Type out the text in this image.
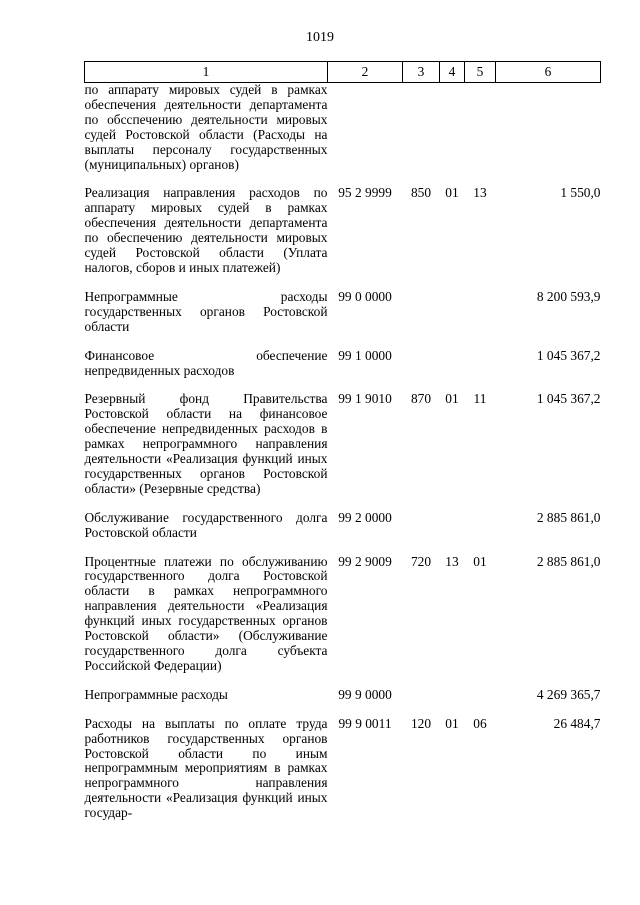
1019
1	2	3	4	5	6
по аппарату мировых судей в рамках обеспечения деятельности департамента по обсспечению деятельности мировых судей Ростовской области (Расходы на выплаты персоналу государственных (муниципальных) органов)					

Реализация направления расходов по аппарату мировых судей в рамках обеспечения деятельности департамента по обеспечению деятельности мировых судей Ростовской области (Уплата налогов, сборов и иных платежей)	95 2 9999	850	01	13	1 550,0

Непрограммные расходы государственных органов Ростовской области	99 0 0000				8 200 593,9

Финансовое обеспечение непредвиденных расходов	99 1 0000				1 045 367,2

Резервный фонд Правительства Ростовской области на финансовое обеспечение непредвиденных расходов в рамках непрограммного направления деятельности «Реализация функций иных государственных органов Ростовской области» (Резервные средства)	99 1 9010	870	01	11	1 045 367,2

Обслуживание государственного долга Ростовской области	99 2 0000				2 885 861,0

Процентные платежи по обслуживанию государственного долга Ростовской области в рамках непрограммного направления деятельности «Реализация функций иных государственных органов Ростовской области» (Обслуживание государственного долга субъекта Российской Федерации)	99 2 9009	720	13	01	2 885 861,0

Непрограммные расходы	99 9 0000				4 269 365,7

Расходы на выплаты по оплате труда работников государственных органов Ростовской области по иным непрограммным мероприятиям в рамках непрограммного направления деятельности «Реализация функций иных государ-	99 9 0011	120	01	06	26 484,7
